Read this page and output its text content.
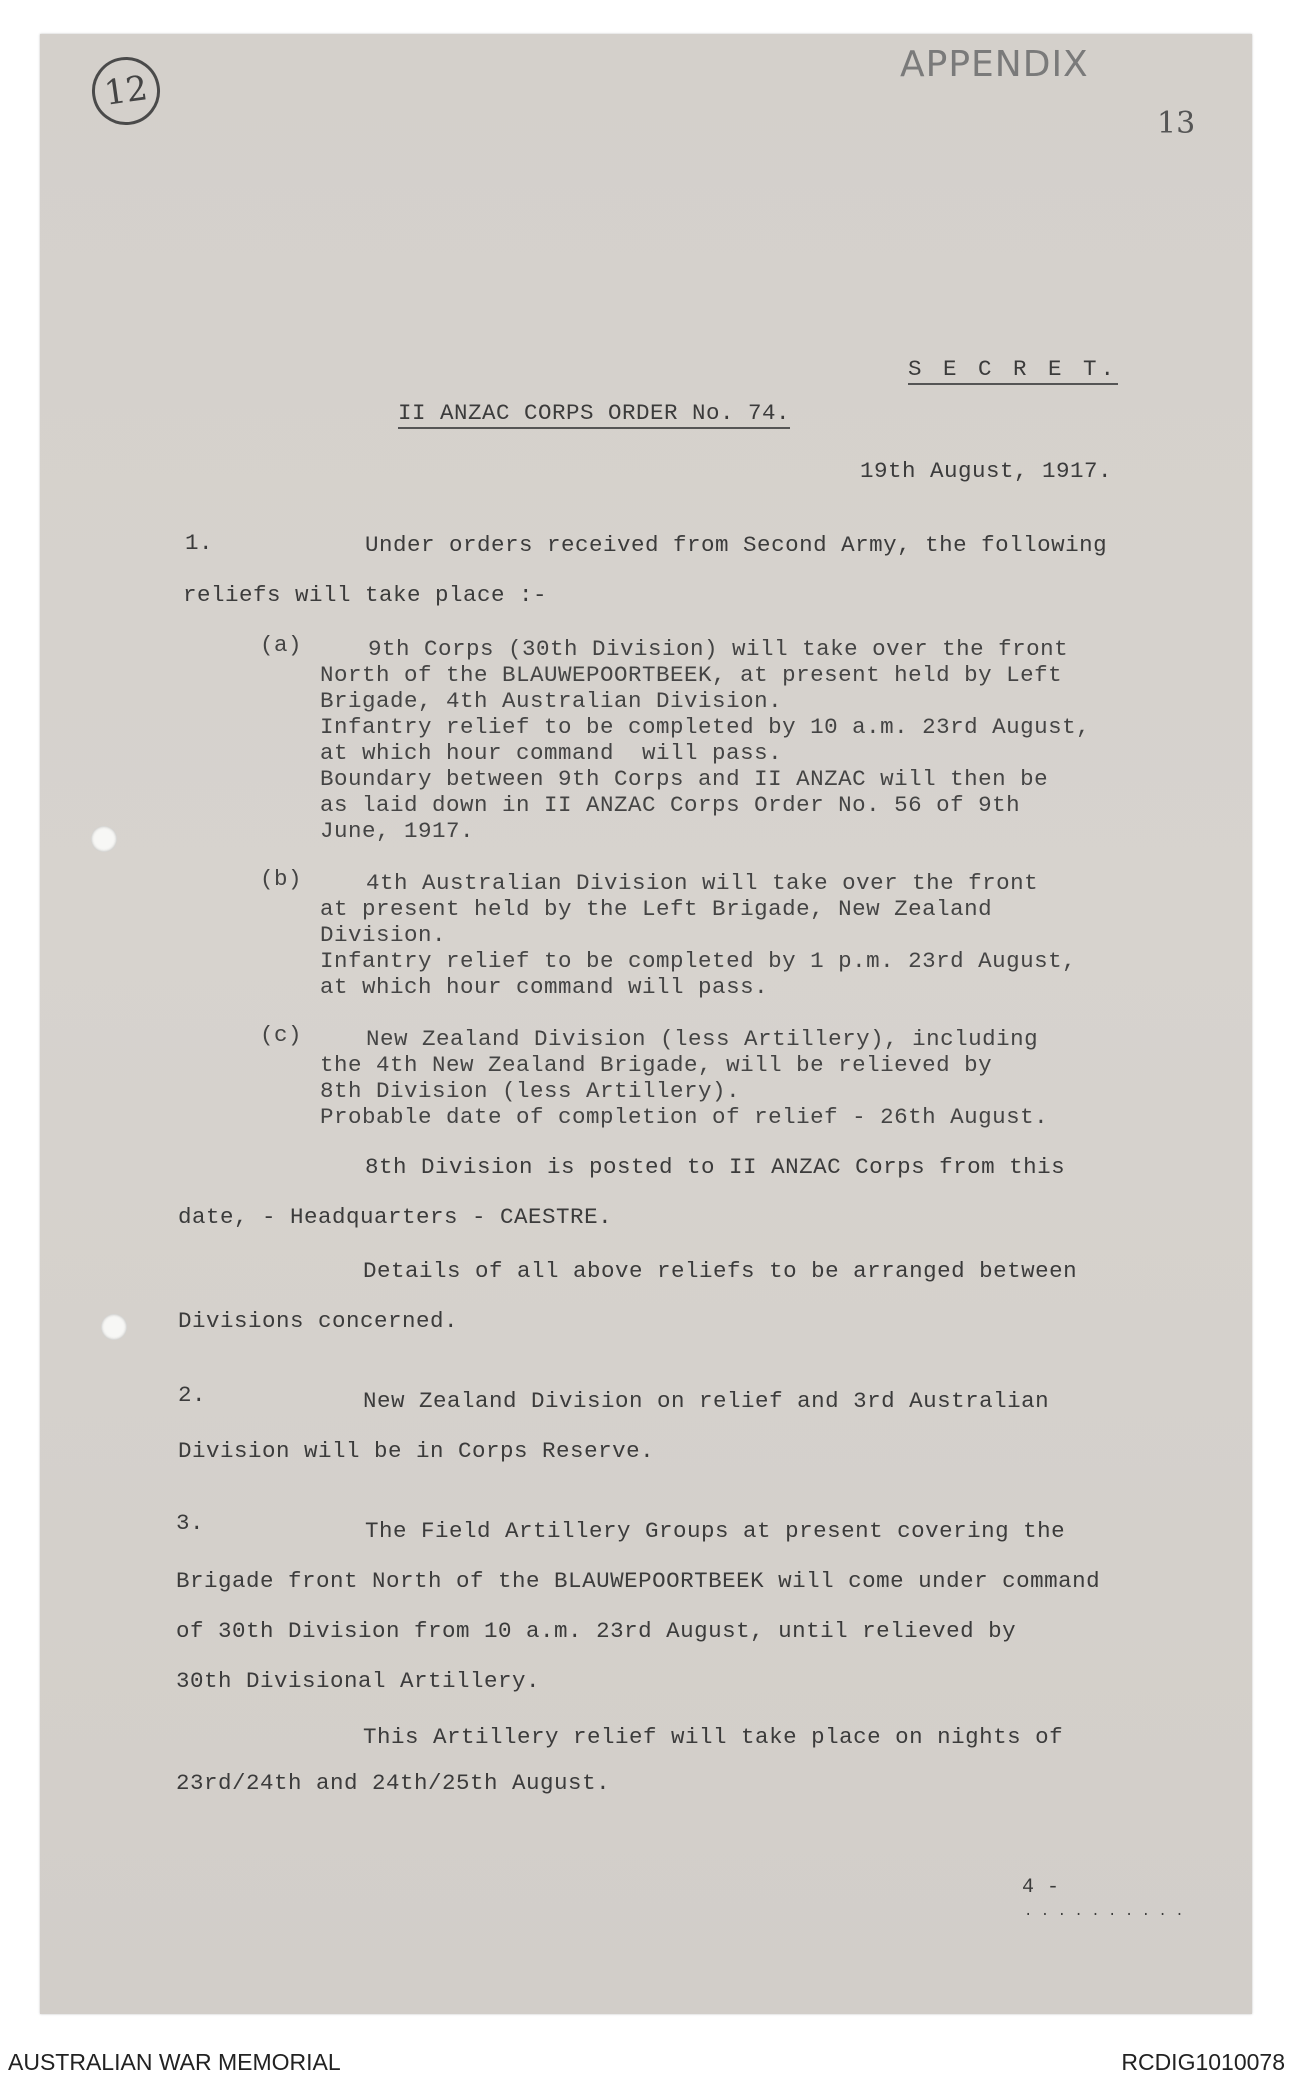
12
APPENDIX
13
S E C R E T.
II ANZAC CORPS ORDER No. 74.
19th August, 1917.
1.	Under orders received from Second Army, the following
reliefs will take place :-
(a)	9th Corps (30th Division) will take over the front
North of the BLAUWEPOORTBEEK, at present held by Left
Brigade, 4th Australian Division.
Infantry relief to be completed by 10 a.m. 23rd August,
at which hour command  will pass.
Boundary between 9th Corps and II ANZAC will then be
as laid down in II ANZAC Corps Order No. 56 of 9th
June, 1917.
(b)	4th Australian Division will take over the front
at present held by the Left Brigade, New Zealand
Division.
Infantry relief to be completed by 1 p.m. 23rd August,
at which hour command will pass.
(c)	New Zealand Division (less Artillery), including
the 4th New Zealand Brigade, will be relieved by
8th Division (less Artillery).
Probable date of completion of relief - 26th August.
8th Division is posted to II ANZAC Corps from this
date, - Headquarters - CAESTRE.
Details of all above reliefs to be arranged between
Divisions concerned.
2.	New Zealand Division on relief and 3rd Australian
Division will be in Corps Reserve.
3.	The Field Artillery Groups at present covering the
Brigade front North of the BLAUWEPOORTBEEK will come under command
of 30th Division from 10 a.m. 23rd August, until relieved by
30th Divisional Artillery.
This Artillery relief will take place on nights of
23rd/24th and 24th/25th August.
4 -
. . . . . . . . . .
AUSTRALIAN WAR MEMORIAL	RCDIG1010078
